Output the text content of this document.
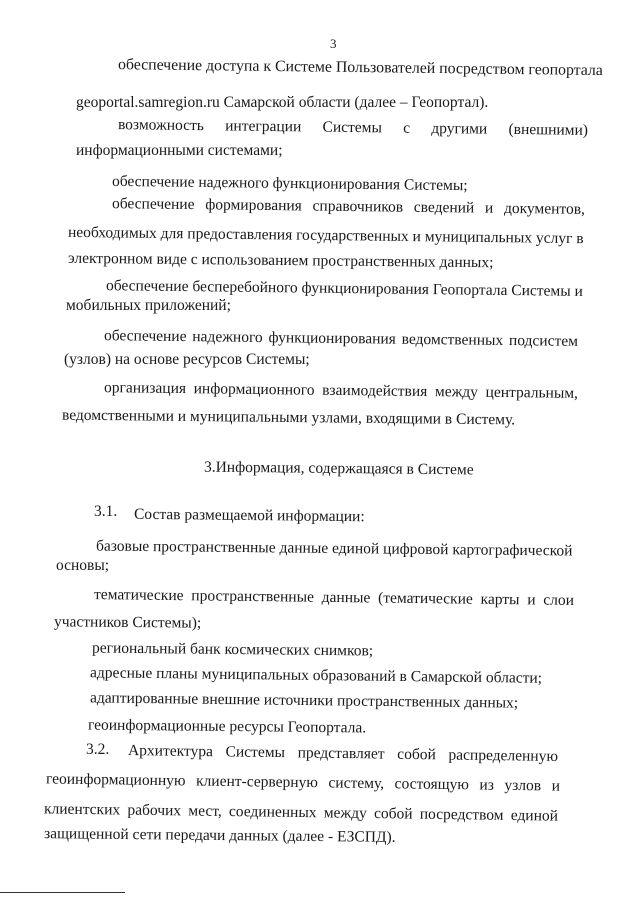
3
обеспечение доступа к Системе Пользователей посредством геопортала
geoportal.samregion.ru Самарской области (далее – Геопортал).
возможность интеграции Системы с другими (внешними)
информационными системами;
обеспечение надежного функционирования Системы;
обеспечение формирования справочников сведений и документов,
необходимых для предоставления государственных и муниципальных услуг в
электронном виде с использованием пространственных данных;
обеспечение бесперебойного функционирования Геопортала Системы и
мобильных приложений;
обеспечение надежного функционирования ведомственных подсистем
(узлов) на основе ресурсов Системы;
организация информационного взаимодействия между центральным,
ведомственными и муниципальными узлами, входящими в Систему.
3.Информация, содержащаяся в Системе
3.1. Состав размещаемой информации:
базовые пространственные данные единой цифровой картографической
основы;
тематические пространственные данные (тематические карты и слои
участников Системы);
региональный банк космических снимков;
адресные планы муниципальных образований в Самарской области;
адаптированные внешние источники пространственных данных;
геоинформационные ресурсы Геопортала.
3.2. Архитектура Системы представляет собой распределенную
геоинформационную клиент-серверную систему, состоящую из узлов и
клиентских рабочих мест, соединенных между собой посредством единой
защищенной сети передачи данных (далее - ЕЗСПД).
